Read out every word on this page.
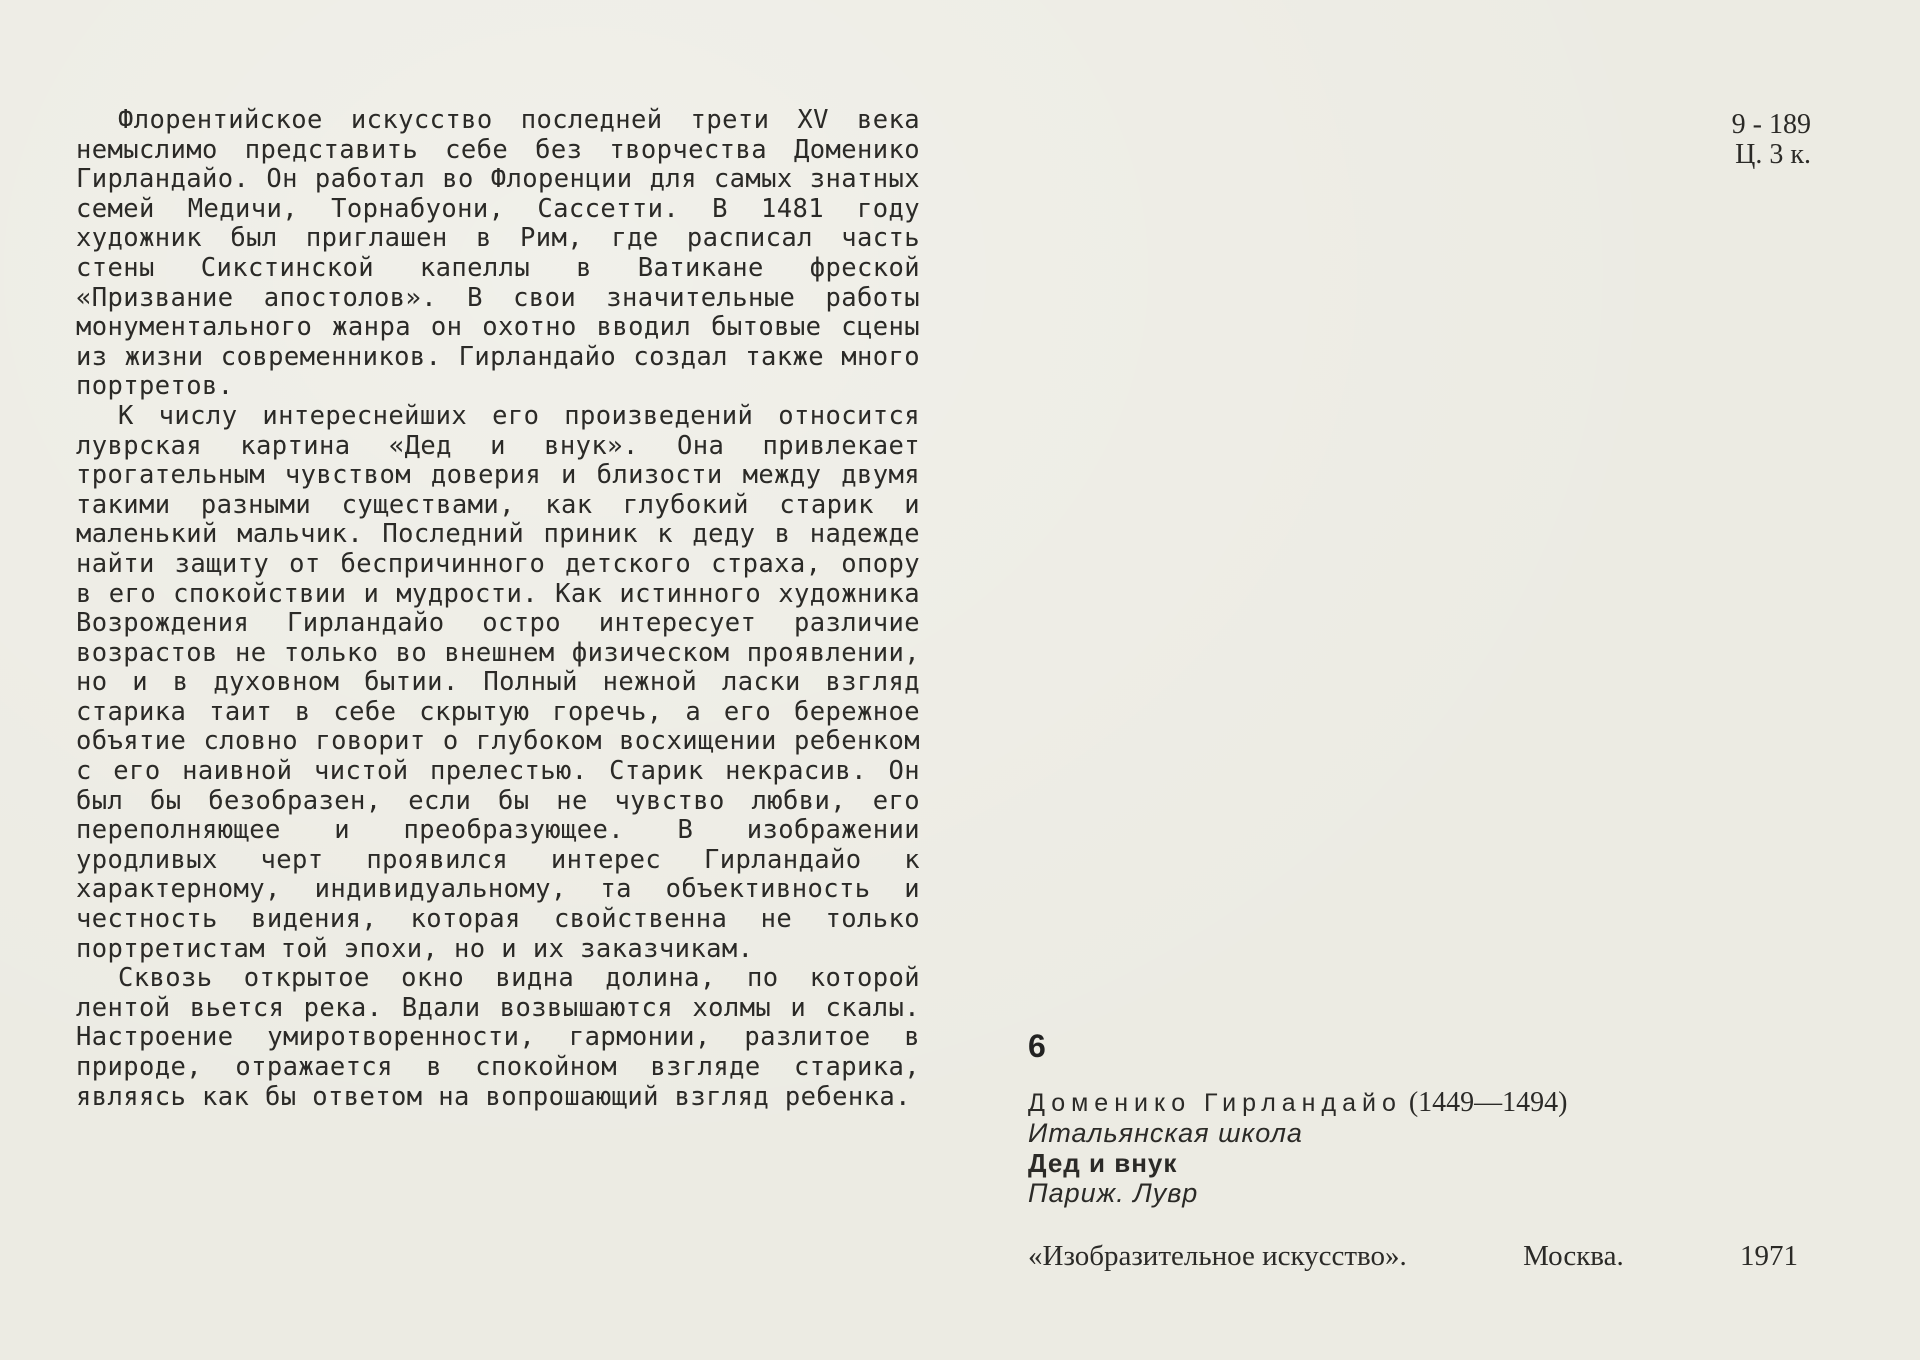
Флорентийское искусство последней трети XV века немыслимо представить себе без творчества Доменико Гирландайо. Он работал во Флоренции для самых знатных семей Медичи, Торнабуони, Сассетти. В 1481 году художник был приглашен в Рим, где расписал часть стены Сикстинской капеллы в Ватикане фреской «Призвание апостолов». В свои значительные работы монументального жанра он охотно вводил бытовые сцены из жизни современников. Гирландайо создал также много портретов.

К числу интереснейших его произведений относится луврская картина «Дед и внук». Она привлекает трогательным чувством доверия и близости между двумя такими разными существами, как глубокий старик и маленький мальчик. Последний приник к деду в надежде найти защиту от беспричинного детского страха, опору в его спокойствии и мудрости. Как истинного художника Возрождения Гирландайо остро интересует различие возрастов не только во внешнем физическом проявлении, но и в духовном бытии. Полный нежной ласки взгляд старика таит в себе скрытую горечь, а его бережное объятие словно говорит о глубоком восхищении ребенком с его наивной чистой прелестью. Старик некрасив. Он был бы безобразен, если бы не чувство любви, его переполняющее и преобразующее. В изображении уродливых черт проявился интерес Гирландайо к характерному, индивидуальному, та объективность и честность видения, которая свойственна не только портретистам той эпохи, но и их заказчикам.

Сквозь открытое окно видна долина, по которой лентой вьется река. Вдали возвышаются холмы и скалы. Настроение умиротворенности, гармонии, разлитое в природе, отражается в спокойном взгляде старика, являясь как бы ответом на вопрошающий взгляд ребенка.

9 - 189
Ц. 3 к.
6
Доменико Гирландайо (1449—1494)
Итальянская школа
Дед и внук
Париж. Лувр
«Изобразительное искусство».	Москва.	1971
